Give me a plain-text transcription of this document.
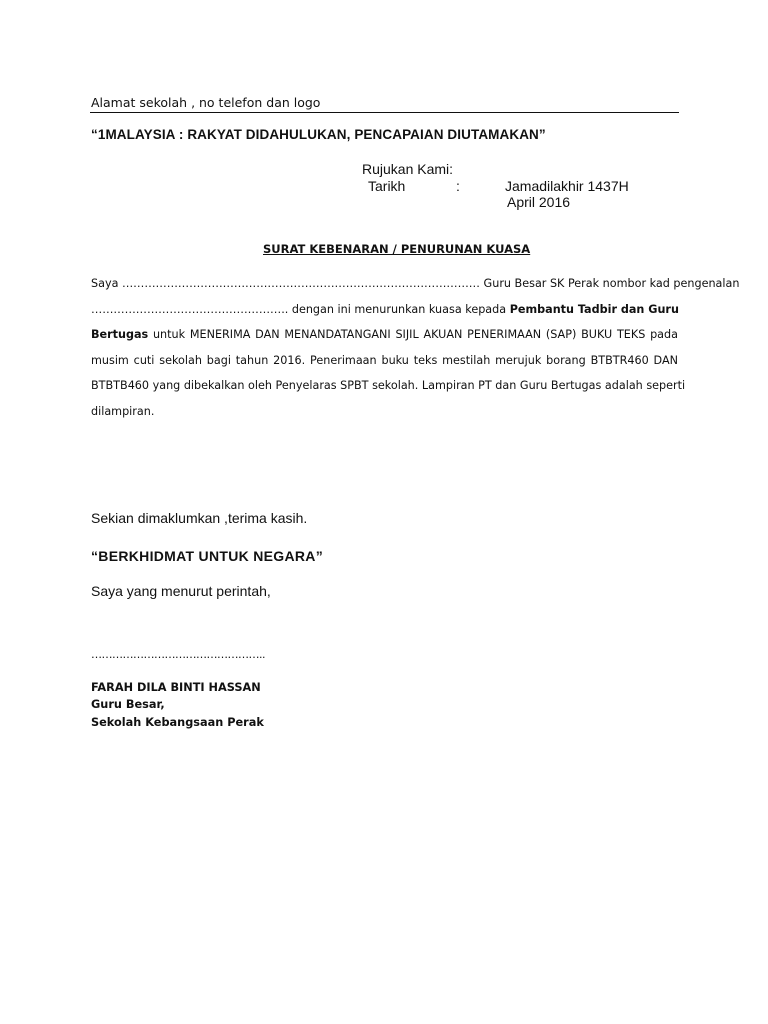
Alamat sekolah , no telefon dan logo
“1MALAYSIA : RAKYAT DIDAHULUKAN, PENCAPAIAN DIUTAMAKAN”
Rujukan Kami:
Tarikh	:	Jamadilakhir 1437H
April 2016
SURAT KEBENARAN / PENURUNAN KUASA
Saya …………………………………………………………………………………… Guru Besar SK Perak nombor kad pengenalan
…………………………………………….. dengan ini menurunkan kuasa kepada Pembantu Tadbir dan Guru
Bertugas untuk MENERIMA DAN MENANDATANGANI SIJIL AKUAN PENERIMAAN (SAP) BUKU TEKS pada
musim cuti sekolah bagi tahun 2016. Penerimaan buku teks mestilah merujuk borang BTBTR460 DAN
BTBTB460 yang dibekalkan oleh Penyelaras SPBT sekolah. Lampiran PT dan Guru Bertugas adalah seperti
dilampiran.
Sekian dimaklumkan ,terima kasih.
“BERKHIDMAT UNTUK NEGARA”
Saya yang menurut perintah,
…………………………………………..
FARAH DILA BINTI HASSAN
Guru Besar,
Sekolah Kebangsaan Perak
